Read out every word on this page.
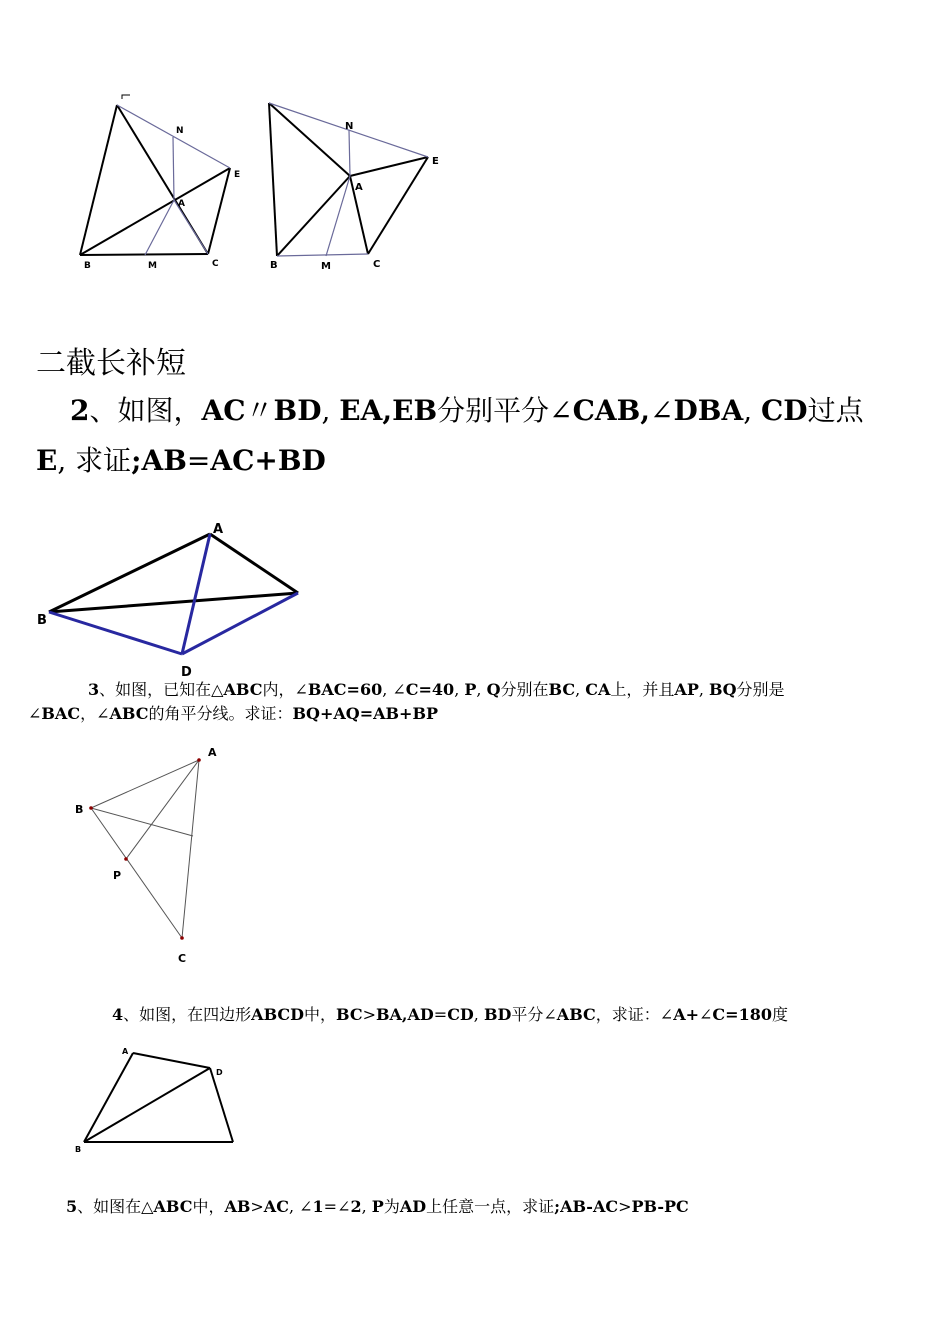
N
E
A
B	M	C
N
E
A
B	M	C
二截长补短
2、如图，AC〃BD, EA,EB分别平分∠CAB,∠DBA, CD过点
E, 求证;AB=AC+BD
A
B
D
3、如图，已知在△ABC内，∠BAC=60, ∠C=40, P, Q分别在BC, CA上，并且AP, BQ分别是
∠BAC，∠ABC的角平分线。求证：BQ+AQ=AB+BP
A
B
P
C
4、如图，在四边形ABCD中，BC>BA,AD=CD, BD平分∠ABC，求证：∠A+∠C=180度
A
D
B
5、如图在△ABC中，AB>AC, ∠1=∠2, P为AD上任意一点，求证;AB-AC>PB-PC
